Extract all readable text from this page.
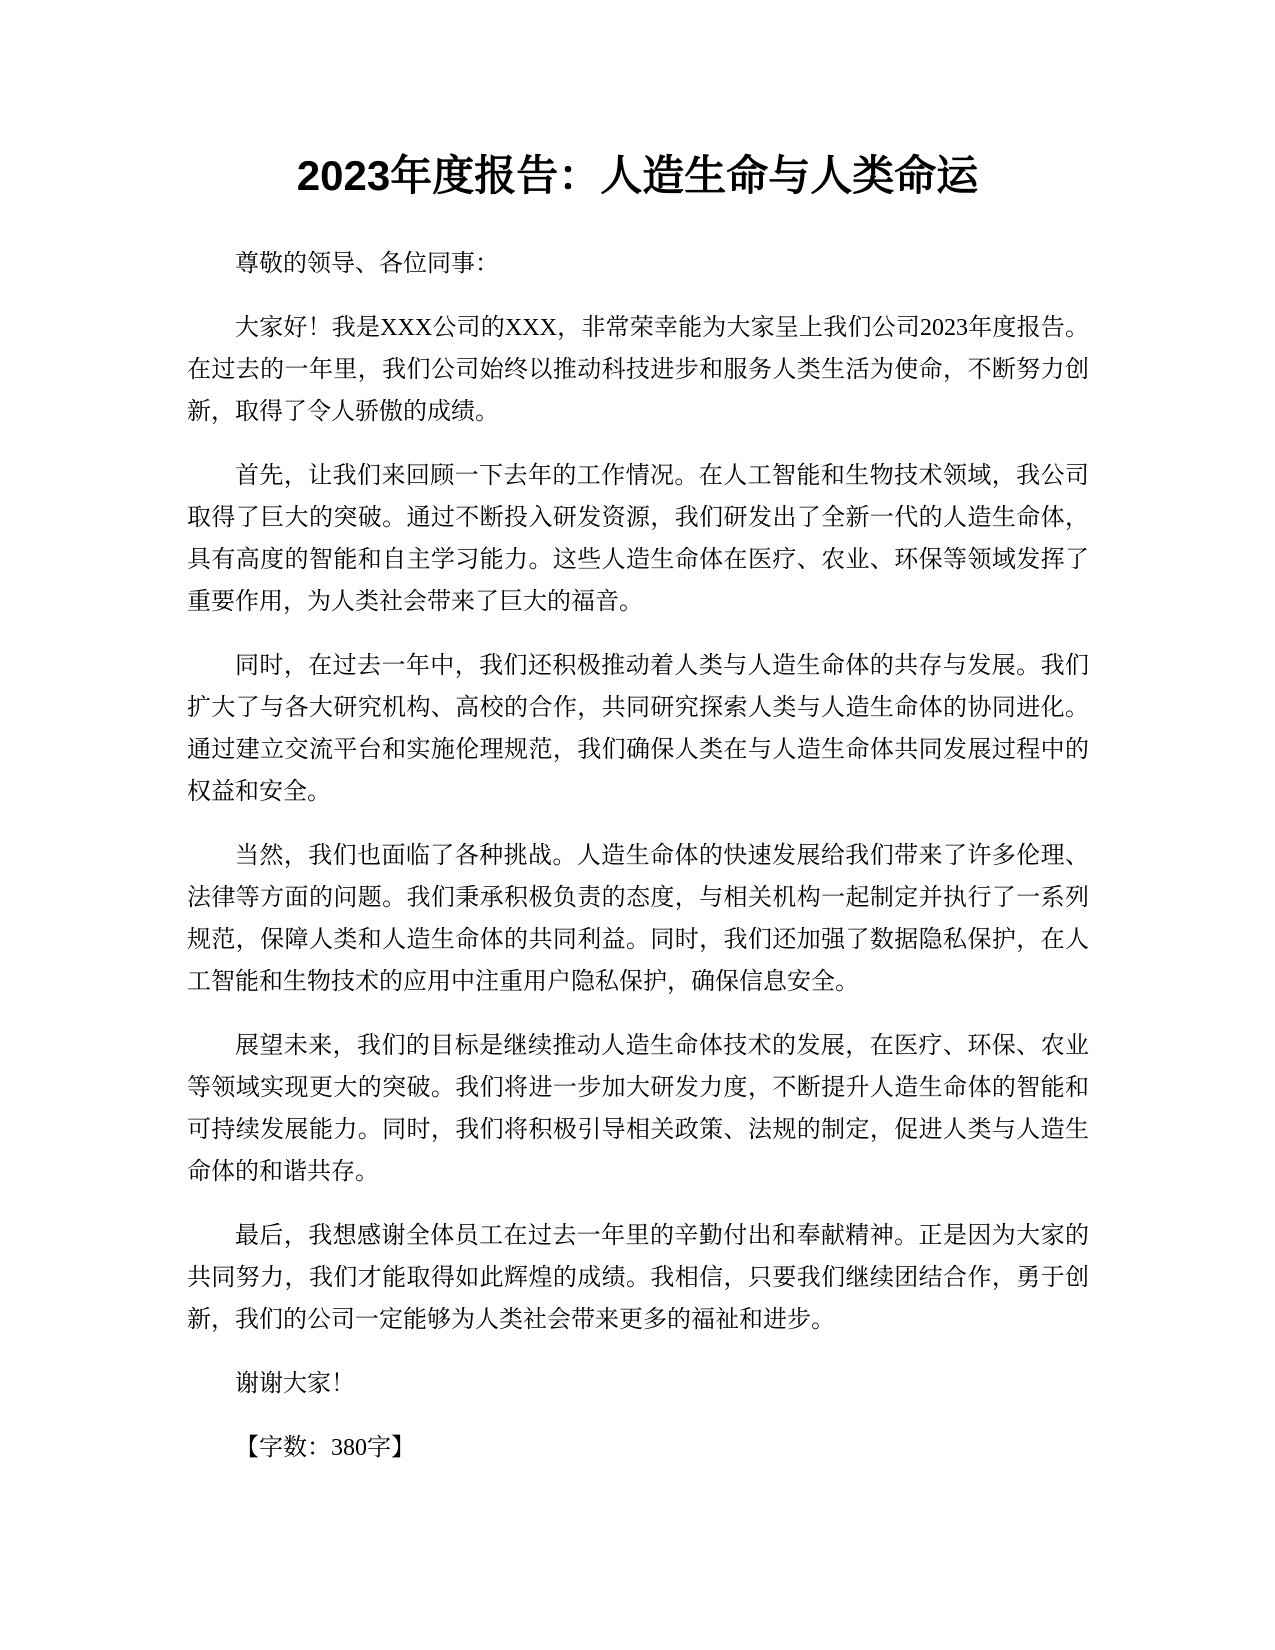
2023年度报告：人造生命与人类命运

尊敬的领导、各位同事：

大家好！我是XXX公司的XXX，非常荣幸能为大家呈上我们公司2023年度报告。在过去的一年里，我们公司始终以推动科技进步和服务人类生活为使命，不断努力创新，取得了令人骄傲的成绩。

首先，让我们来回顾一下去年的工作情况。在人工智能和生物技术领域，我公司取得了巨大的突破。通过不断投入研发资源，我们研发出了全新一代的人造生命体，具有高度的智能和自主学习能力。这些人造生命体在医疗、农业、环保等领域发挥了重要作用，为人类社会带来了巨大的福音。

同时，在过去一年中，我们还积极推动着人类与人造生命体的共存与发展。我们扩大了与各大研究机构、高校的合作，共同研究探索人类与人造生命体的协同进化。通过建立交流平台和实施伦理规范，我们确保人类在与人造生命体共同发展过程中的权益和安全。

当然，我们也面临了各种挑战。人造生命体的快速发展给我们带来了许多伦理、法律等方面的问题。我们秉承积极负责的态度，与相关机构一起制定并执行了一系列规范，保障人类和人造生命体的共同利益。同时，我们还加强了数据隐私保护，在人工智能和生物技术的应用中注重用户隐私保护，确保信息安全。

展望未来，我们的目标是继续推动人造生命体技术的发展，在医疗、环保、农业等领域实现更大的突破。我们将进一步加大研发力度，不断提升人造生命体的智能和可持续发展能力。同时，我们将积极引导相关政策、法规的制定，促进人类与人造生命体的和谐共存。

最后，我想感谢全体员工在过去一年里的辛勤付出和奉献精神。正是因为大家的共同努力，我们才能取得如此辉煌的成绩。我相信，只要我们继续团结合作，勇于创新，我们的公司一定能够为人类社会带来更多的福祉和进步。

谢谢大家！

【字数：380字】
